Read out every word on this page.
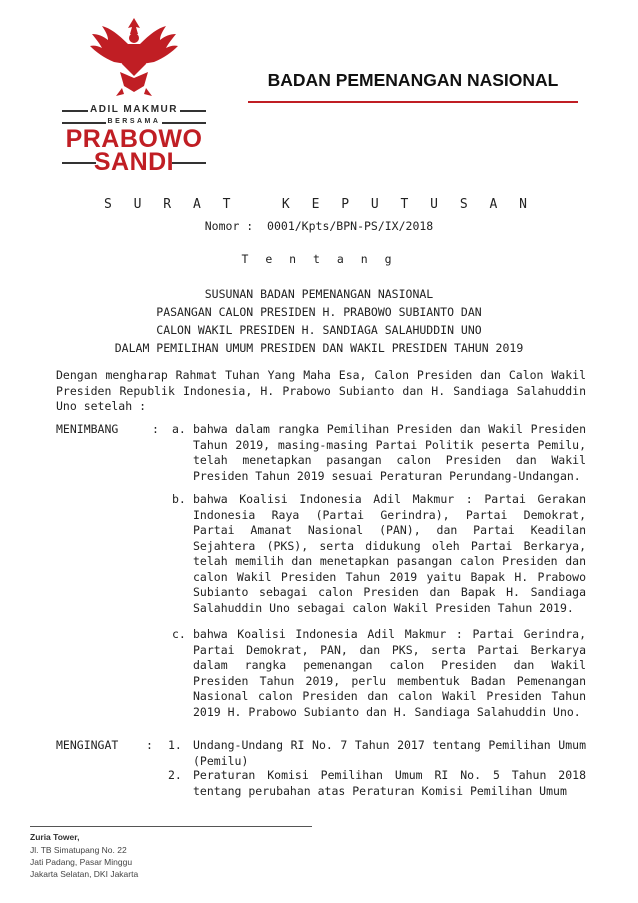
ADIL MAKMUR
BERSAMA
PRABOWO
SANDI
BADAN PEMENANGAN NASIONAL
S U R A T   K E P U T U S A N
Nomor :  0001/Kpts/BPN-PS/IX/2018
T e n t a n g
SUSUNAN BADAN PEMENANGAN NASIONAL
PASANGAN CALON PRESIDEN H. PRABOWO SUBIANTO DAN
CALON WAKIL PRESIDEN H. SANDIAGA SALAHUDDIN UNO
DALAM PEMILIHAN UMUM PRESIDEN DAN WAKIL PRESIDEN TAHUN 2019
Dengan mengharap Rahmat Tuhan Yang Maha Esa, Calon Presiden dan Calon Wakil Presiden Republik Indonesia, H. Prabowo Subianto dan H. Sandiaga Salahuddin Uno setelah :
MENIMBANG	: a. bahwa dalam rangka Pemilihan Presiden dan Wakil Presiden Tahun 2019, masing-masing Partai Politik peserta Pemilu, telah menetapkan pasangan calon Presiden dan Wakil Presiden Tahun 2019 sesuai Peraturan Perundang-Undangan.
b. bahwa Koalisi Indonesia Adil Makmur : Partai Gerakan Indonesia Raya (Partai Gerindra), Partai Demokrat, Partai Amanat Nasional (PAN), dan Partai Keadilan Sejahtera (PKS), serta didukung oleh Partai Berkarya, telah memilih dan menetapkan pasangan calon Presiden dan calon Wakil Presiden Tahun 2019 yaitu Bapak H. Prabowo Subianto sebagai calon Presiden dan Bapak H. Sandiaga Salahuddin Uno sebagai calon Wakil Presiden Tahun 2019.
c. bahwa Koalisi Indonesia Adil Makmur : Partai Gerindra, Partai Demokrat, PAN, dan PKS, serta Partai Berkarya dalam rangka pemenangan calon Presiden dan Wakil Presiden Tahun 2019, perlu membentuk Badan Pemenangan Nasional calon Presiden dan calon Wakil Presiden Tahun 2019 H. Prabowo Subianto dan H. Sandiaga Salahuddin Uno.
MENGINGAT : 1. Undang-Undang RI No. 7 Tahun 2017 tentang Pemilihan Umum (Pemilu)
2. Peraturan Komisi Pemilihan Umum RI No. 5 Tahun 2018 tentang perubahan atas Peraturan Komisi Pemilihan Umum
Zuria Tower,
Jl. TB Simatupang No. 22
Jati Padang, Pasar Minggu
Jakarta Selatan, DKI Jakarta
